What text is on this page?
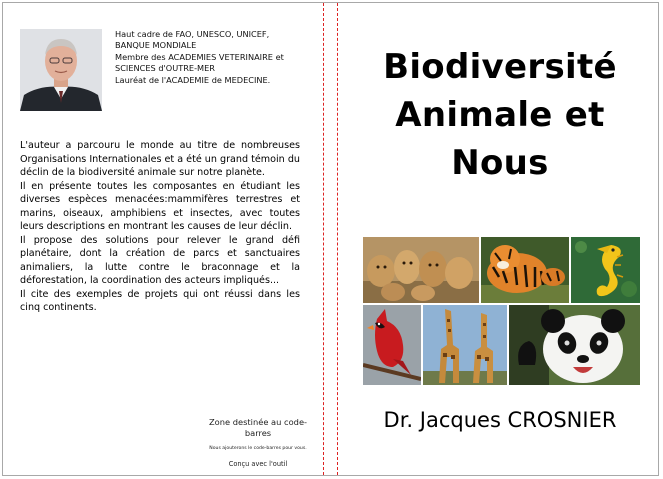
Haut cadre de FAO, UNESCO, UNICEF,
BANQUE MONDIALE
Membre des ACADEMIES VETERINAIRE et
SCIENCES d'OUTRE-MER
Lauréat de l'ACADEMIE de MEDECINE.

L'auteur a parcouru le monde au titre de nombreuses Organisations Internationales et a été un grand témoin du déclin de la biodiversité animale sur notre planète.

Il en présente toutes les composantes en étudiant les diverses espèces menacées:mammifères terrestres et marins, oiseaux, amphibiens et insectes, avec toutes leurs descriptions en montrant les causes de leur déclin.

Il propose des solutions pour relever le grand défi planétaire, dont la création de parcs et sanctuaires animaliers, la lutte contre le braconnage et la déforestation, la coordination des acteurs impliqués...

Il cite des exemples de projets qui ont réussi dans les cinq continents.

Zone destinée au code-barres
Nous ajouterons le code-barres pour vous.
Conçu avec l'outil
Biodiversité
Animale et
Nous
Dr. Jacques CROSNIER
